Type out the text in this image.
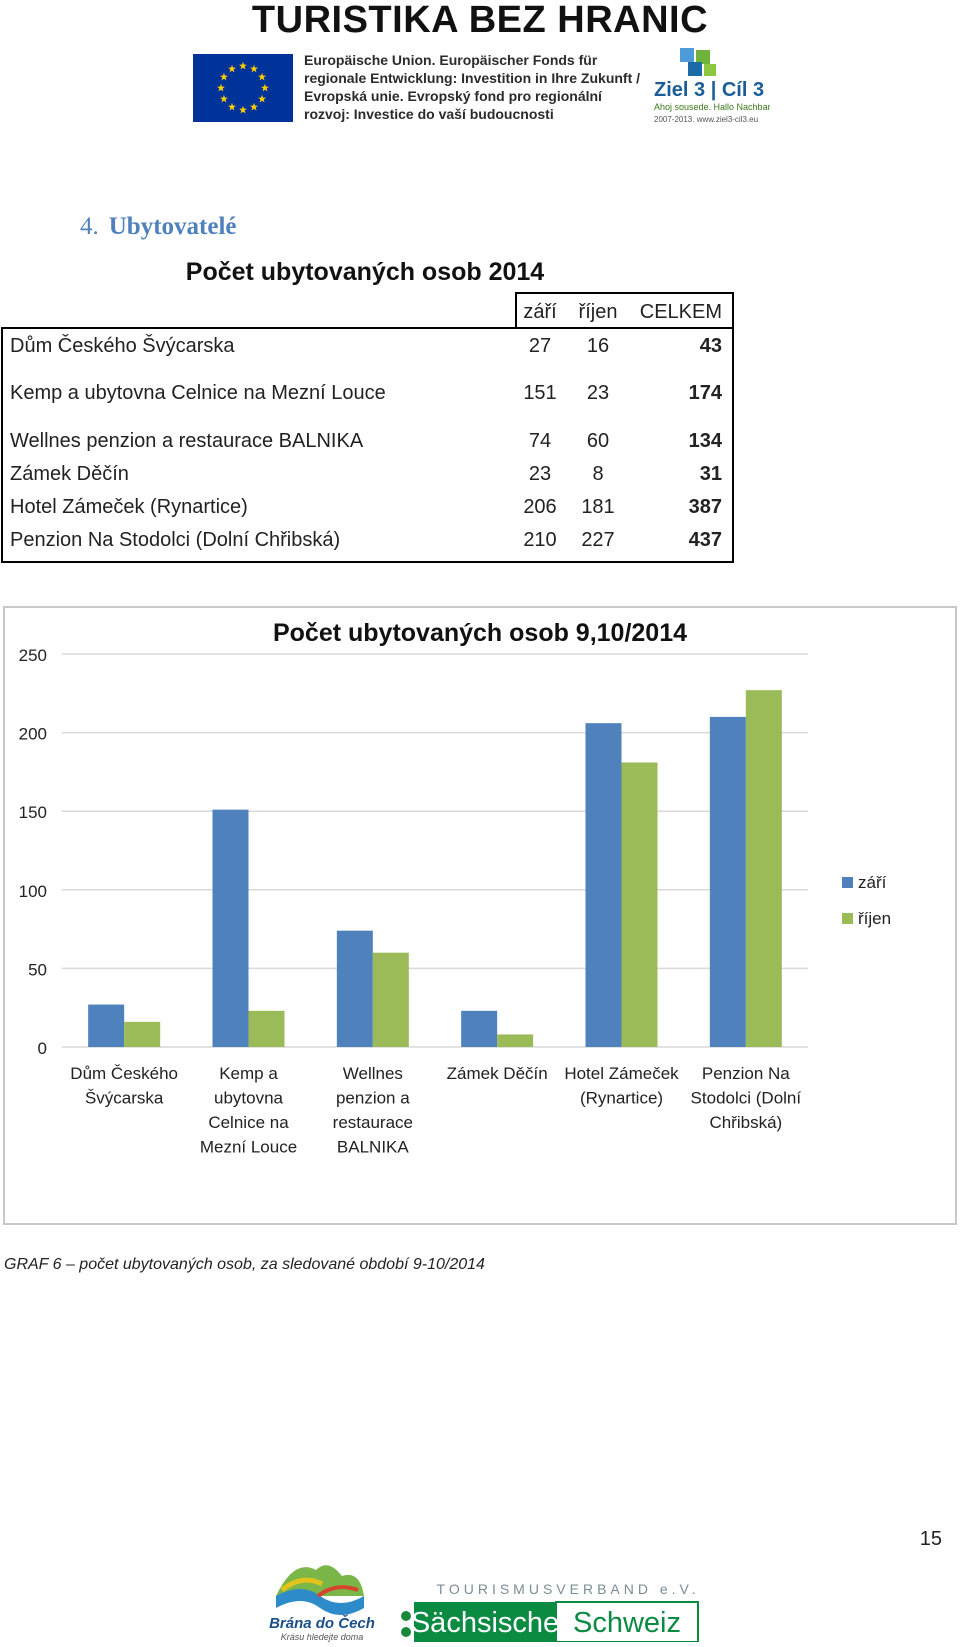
TURISTIKA BEZ HRANIC
Europäische Union. Europäischer Fonds für regionale Entwicklung: Investition in Ihre Zukunft / Evropská unie. Evropský fond pro regionální rozvoj: Investice do vaší budoucnosti
Ziel 3 | Cíl 3
Ahoj sousede. Hallo Nachbar.
2007-2013. www.ziel3-cil3.eu
4. Ubytovatelé
Počet ubytovaných osob 2014
září	říjen	CELKEM
Dům Českého Švýcarska	27	16	43
Kemp a ubytovna Celnice na Mezní Louce	151	23	174
Wellnes penzion a restaurace BALNIKA	74	60	134
Zámek Děčín	23	8	31
Hotel Zámeček (Rynartice)	206	181	387
Penzion Na Stodolci (Dolní Chřibská)	210	227	437
Počet ubytovaných osob 9,10/2014
0
50
100
150
200
250
Dům Českého Švýcarska
Kemp a ubytovna Celnice na Mezní Louce
Wellnes penzion a restaurace BALNIKA
Zámek Děčín Hotel Zámeček (Rynartice)
Penzion Na Stodolci (Dolní Chřibská)
září
říjen
GRAF 6 – počet ubytovaných osob, za sledované období 9-10/2014
15
Brána do Čech
Krásu hledejte doma
TOURISMUSVERBAND e.V.
Sächsische Schweiz
